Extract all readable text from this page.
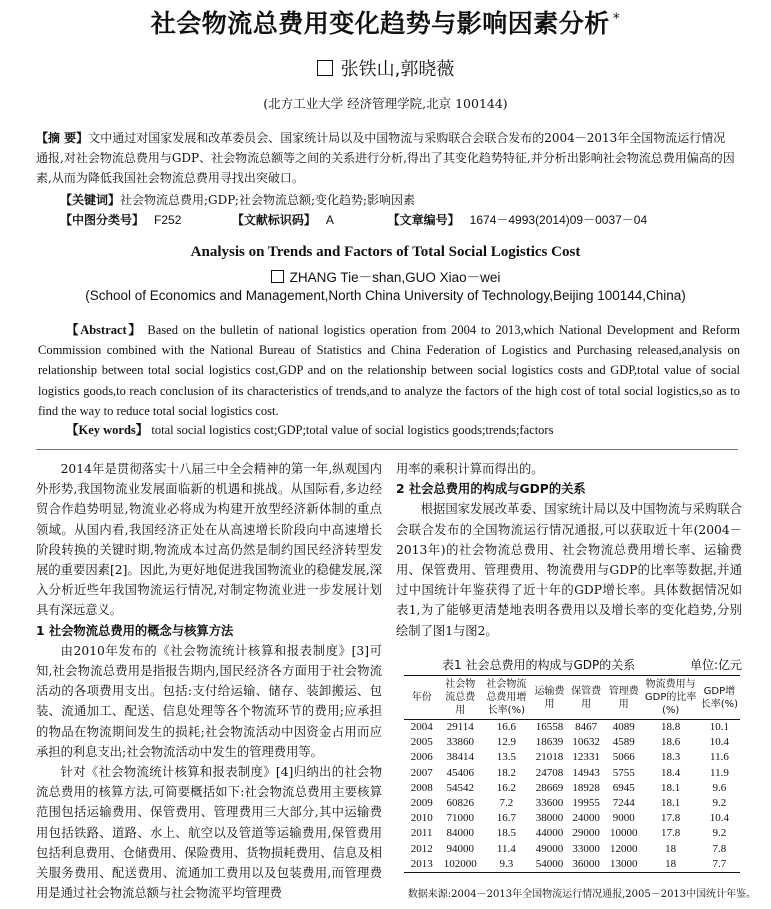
社会物流总费用变化趋势与影响因素分析 *
张铁山,郭晓薇
(北方工业大学 经济管理学院,北京 100144)
【摘 要】文中通过对国家发展和改革委员会、国家统计局以及中国物流与采购联合会联合发布的2004－2013年全国物流运行情况通报,对社会物流总费用与GDP、社会物流总额等之间的关系进行分析,得出了其变化趋势特征,并分析出影响社会物流总费用偏高的因素,从而为降低我国社会物流总费用寻找出突破口。
【关键词】社会物流总费用;GDP;社会物流总额;变化趋势;影响因素
【中图分类号】 F252	【文献标识码】 A	【文章编号】 1674－4993(2014)09－0037－04
Analysis on Trends and Factors of Total Social Logistics Cost
ZHANG Tie－shan,GUO Xiao－wei
(School of Economics and Management,North China University of Technology,Beijing 100144,China)
【Abstract】 Based on the bulletin of national logistics operation from 2004 to 2013,which National Development and Reform Commission combined with the National Bureau of Statistics and China Federation of Logistics and Purchasing released,analysis on relationship between total social logistics cost,GDP and on the relationship between social logistics costs and GDP,total value of social logistics goods,to reach conclusion of its characteristics of trends,and to analyze the factors of the high cost of total social logistics,so as to find the way to reduce total social logistics cost.
【Key words】 total social logistics cost;GDP;total value of social logistics goods;trends;factors

2014年是贯彻落实十八届三中全会精神的第一年,纵观国内外形势,我国物流业发展面临新的机遇和挑战。从国际看,多边经贸合作趋势明显,物流业必将成为构建开放型经济新体制的重点领域。从国内看,我国经济正处在从高速增长阶段向中高速增长阶段转换的关键时期,物流成本过高仍然是制约国民经济转型发展的重要因素[2]。因此,为更好地促进我国物流业的稳健发展,深入分析近些年我国物流运行情况,对制定物流业进一步发展计划具有深远意义。

1 社会物流总费用的概念与核算方法

由2010年发布的《社会物流统计核算和报表制度》[3]可知,社会物流总费用是指报告期内,国民经济各方面用于社会物流活动的各项费用支出。包括:支付给运输、储存、装卸搬运、包装、流通加工、配送、信息处理等各个物流环节的费用;应承担的物品在物流期间发生的损耗;社会物流活动中因资金占用而应承担的利息支出;社会物流活动中发生的管理费用等。

针对《社会物流统计核算和报表制度》[4]归纳出的社会物流总费用的核算方法,可简要概括如下:社会物流总费用主要核算范围包括运输费用、保管费用、管理费用三大部分,其中运输费用包括铁路、道路、水上、航空以及管道等运输费用,保管费用包括利息费用、仓储费用、保险费用、货物损耗费用、信息及相关服务费用、配送费用、流通加工费用以及包装费用,而管理费用是通过社会物流总额与社会物流平均管理费

用率的乘积计算而得出的。

2 社会总费用的构成与GDP的关系

根据国家发展改革委、国家统计局以及中国物流与采购联合会联合发布的全国物流运行情况通报,可以获取近十年(2004－2013年)的社会物流总费用、社会物流总费用增长率、运输费用、保管费用、管理费用、物流费用与GDP的比率等数据,并通过中国统计年鉴获得了近十年的GDP增长率。具体数据情况如表1,为了能够更清楚地表明各费用以及增长率的变化趋势,分别绘制了图1与图2。

表1 社会总费用的构成与GDP的关系	单位:亿元
年份	社会物流总费用	社会物流总费用增长率(%)	运输费用	保管费用	管理费用	物流费用与GDP的比率(%)	GDP增长率(%)
2004	29114	16.6	16558	8467	4089	18.8	10.1
2005	33860	12.9	18639	10632	4589	18.6	10.4
2006	38414	13.5	21018	12331	5066	18.3	11.6
2007	45406	18.2	24708	14943	5755	18.4	11.9
2008	54542	16.2	28669	18928	6945	18.1	9.6
2009	60826	7.2	33600	19955	7244	18.1	9.2
2010	71000	16.7	38000	24000	9000	17.8	10.4
2011	84000	18.5	44000	29000	10000	17.8	9.2
2012	94000	11.4	49000	33000	12000	18	7.8
2013	102000	9.3	54000	36000	13000	18	7.7
数据来源:2004－2013年全国物流运行情况通报,2005－2013中国统计年鉴。
